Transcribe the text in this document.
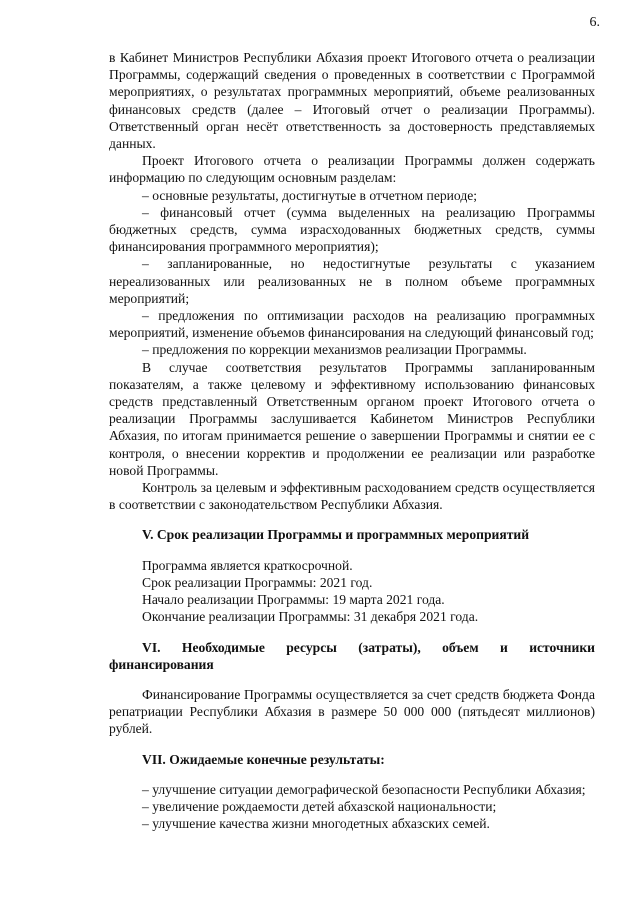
6.

в Кабинет Министров Республики Абхазия проект Итогового отчета о реализации Программы, содержащий сведения о проведенных в соответствии с Программой мероприятиях, о результатах программных мероприятий, объеме реализованных финансовых средств (далее – Итоговый отчет о реализации Программы). Ответственный орган несёт ответственность за достоверность представляемых данных.

Проект Итогового отчета о реализации Программы должен содержать информацию по следующим основным разделам:

– основные результаты, достигнутые в отчетном периоде;

– финансовый отчет (сумма выделенных на реализацию Программы бюджетных средств, сумма израсходованных бюджетных средств, суммы финансирования программного мероприятия);

– запланированные, но недостигнутые результаты с указанием нереализованных или реализованных не в полном объеме программных мероприятий;

– предложения по оптимизации расходов на реализацию программных мероприятий, изменение объемов финансирования на следующий финансовый год;

– предложения по коррекции механизмов реализации Программы.

В случае соответствия результатов Программы запланированным показателям, а также целевому и эффективному использованию финансовых средств представленный Ответственным органом проект Итогового отчета о реализации Программы заслушивается Кабинетом Министров Республики Абхазия, по итогам принимается решение о завершении Программы и снятии ее с контроля, о внесении корректив и продолжении ее реализации или разработке новой Программы.

Контроль за целевым и эффективным расходованием средств осуществляется в соответствии с законодательством Республики Абхазия.

V. Срок реализации Программы и программных мероприятий

Программа является краткосрочной.

Срок реализации Программы: 2021 год.

Начало реализации Программы: 19 марта 2021 года.

Окончание реализации Программы: 31 декабря 2021 года.

VI. Необходимые ресурсы (затраты), объем и источники финансирования

Финансирование Программы осуществляется за счет средств бюджета Фонда репатриации Республики Абхазия в размере 50 000 000 (пятьдесят миллионов) рублей.

VII. Ожидаемые конечные результаты:

– улучшение ситуации демографической безопасности Республики Абхазия;

– увеличение рождаемости детей абхазской национальности;

– улучшение качества жизни многодетных абхазских семей.
